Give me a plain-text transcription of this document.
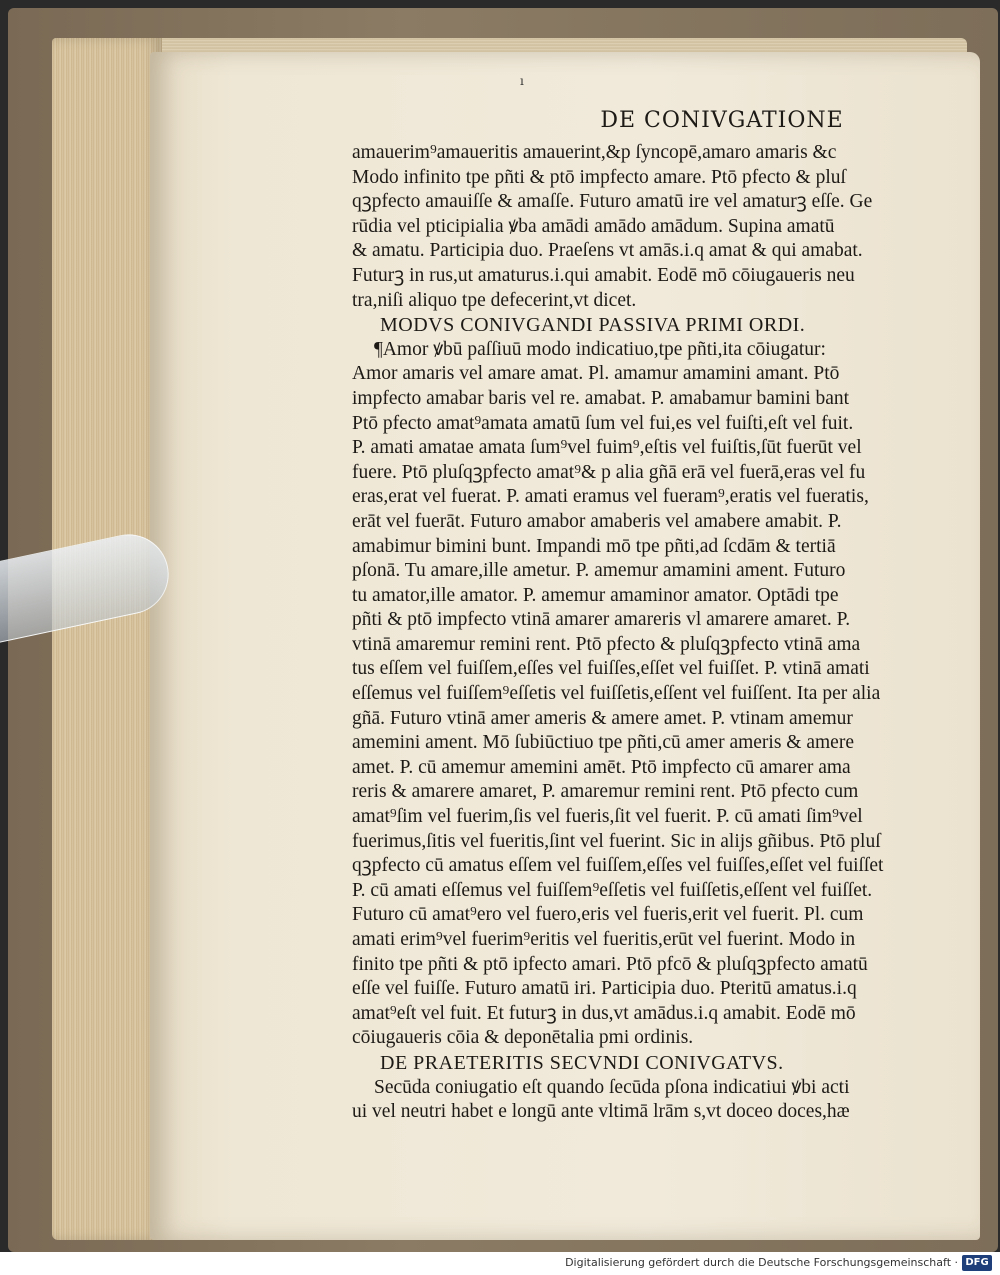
ı
DE CONIVGATIONE
amauerim⁹amaueritis amauerint,&p ſyncopē,amaro amaris &c
Modo infinito tpe pñti & ptō impfecto amare. Ptō pfecto & pluſ
qꝫpfecto amauiſſe & amaſſe. Futuro amatū ire vel amaturꝫ eſſe. Ge
rūdia vel pticipialia ꝟba amādi amādo amādum. Supina amatū
& amatu. Participia duo. Praeſens vt amās.i.q amat & qui amabat.
Futurꝫ in rus,ut amaturus.i.qui amabit. Eodē mō cōiugaueris neu
tra,niſi aliquo tpe defecerint,vt dicet.
MODVS CONIVGANDI PASSIVA PRIMI ORDI.
¶Amor ꝟbū paſſiuū modo indicatiuo,tpe pñti,ita cōiugatur:
Amor amaris vel amare amat. Pl. amamur amamini amant. Ptō
impfecto amabar baris vel re. amabat. P. amabamur bamini bant
Ptō pfecto amat⁹amata amatū ſum vel fui,es vel fuiſti,eſt vel fuit.
P. amati amatae amata ſum⁹vel fuim⁹,eſtis vel fuiſtis,ſūt fuerūt vel
fuere. Ptō pluſqꝫpfecto amat⁹& p alia gñā erā vel fuerā,eras vel fu
eras,erat vel fuerat. P. amati eramus vel fueram⁹,eratis vel fueratis,
erāt vel fuerāt. Futuro amabor amaberis vel amabere amabit. P.
amabimur bimini bunt. Impandi mō tpe pñti,ad ſcdām & tertiā
pſonā. Tu amare,ille ametur. P. amemur amamini ament. Futuro
tu amator,ille amator. P. amemur amaminor amator. Optādi tpe
pñti & ptō impfecto vtinā amarer amareris vl amarere amaret. P.
vtinā amaremur remini rent. Ptō pfecto & pluſqꝫpfecto vtinā ama
tus eſſem vel fuiſſem,eſſes vel fuiſſes,eſſet vel fuiſſet. P. vtinā amati
eſſemus vel fuiſſem⁹eſſetis vel fuiſſetis,eſſent vel fuiſſent. Ita per alia
gñā. Futuro vtinā amer ameris & amere amet. P. vtinam amemur
amemini ament. Mō ſubiūctiuo tpe pñti,cū amer ameris & amere
amet. P. cū amemur amemini amēt. Ptō impfecto cū amarer ama
reris & amarere amaret, P. amaremur remini rent. Ptō pfecto cum
amat⁹ſim vel fuerim,ſis vel fueris,ſit vel fuerit. P. cū amati ſim⁹vel
fuerimus,ſitis vel fueritis,ſint vel fuerint. Sic in alijs gñibus. Ptō pluſ
qꝫpfecto cū amatus eſſem vel fuiſſem,eſſes vel fuiſſes,eſſet vel fuiſſet
P. cū amati eſſemus vel fuiſſem⁹eſſetis vel fuiſſetis,eſſent vel fuiſſet.
Futuro cū amat⁹ero vel fuero,eris vel fueris,erit vel fuerit. Pl. cum
amati erim⁹vel fuerim⁹eritis vel fueritis,erūt vel fuerint. Modo in
finito tpe pñti & ptō ipfecto amari. Ptō pfcō & pluſqꝫpfecto amatū
eſſe vel fuiſſe. Futuro amatū iri. Participia duo. Pteritū amatus.i.q
amat⁹eſt vel fuit. Et futurꝫ in dus,vt amādus.i.q amabit. Eodē mō
cōiugaueris cōia & deponētalia pmi ordinis.
DE PRAETERITIS SECVNDI CONIVGATVS.
Secūda coniugatio eſt quando ſecūda pſona indicatiui ꝟbi acti
ui vel neutri habet e longū ante vltimā lrām s,vt doceo doces,hæ
Digitalisierung gefördert durch die Deutsche Forschungsgemeinschaft · DFG
